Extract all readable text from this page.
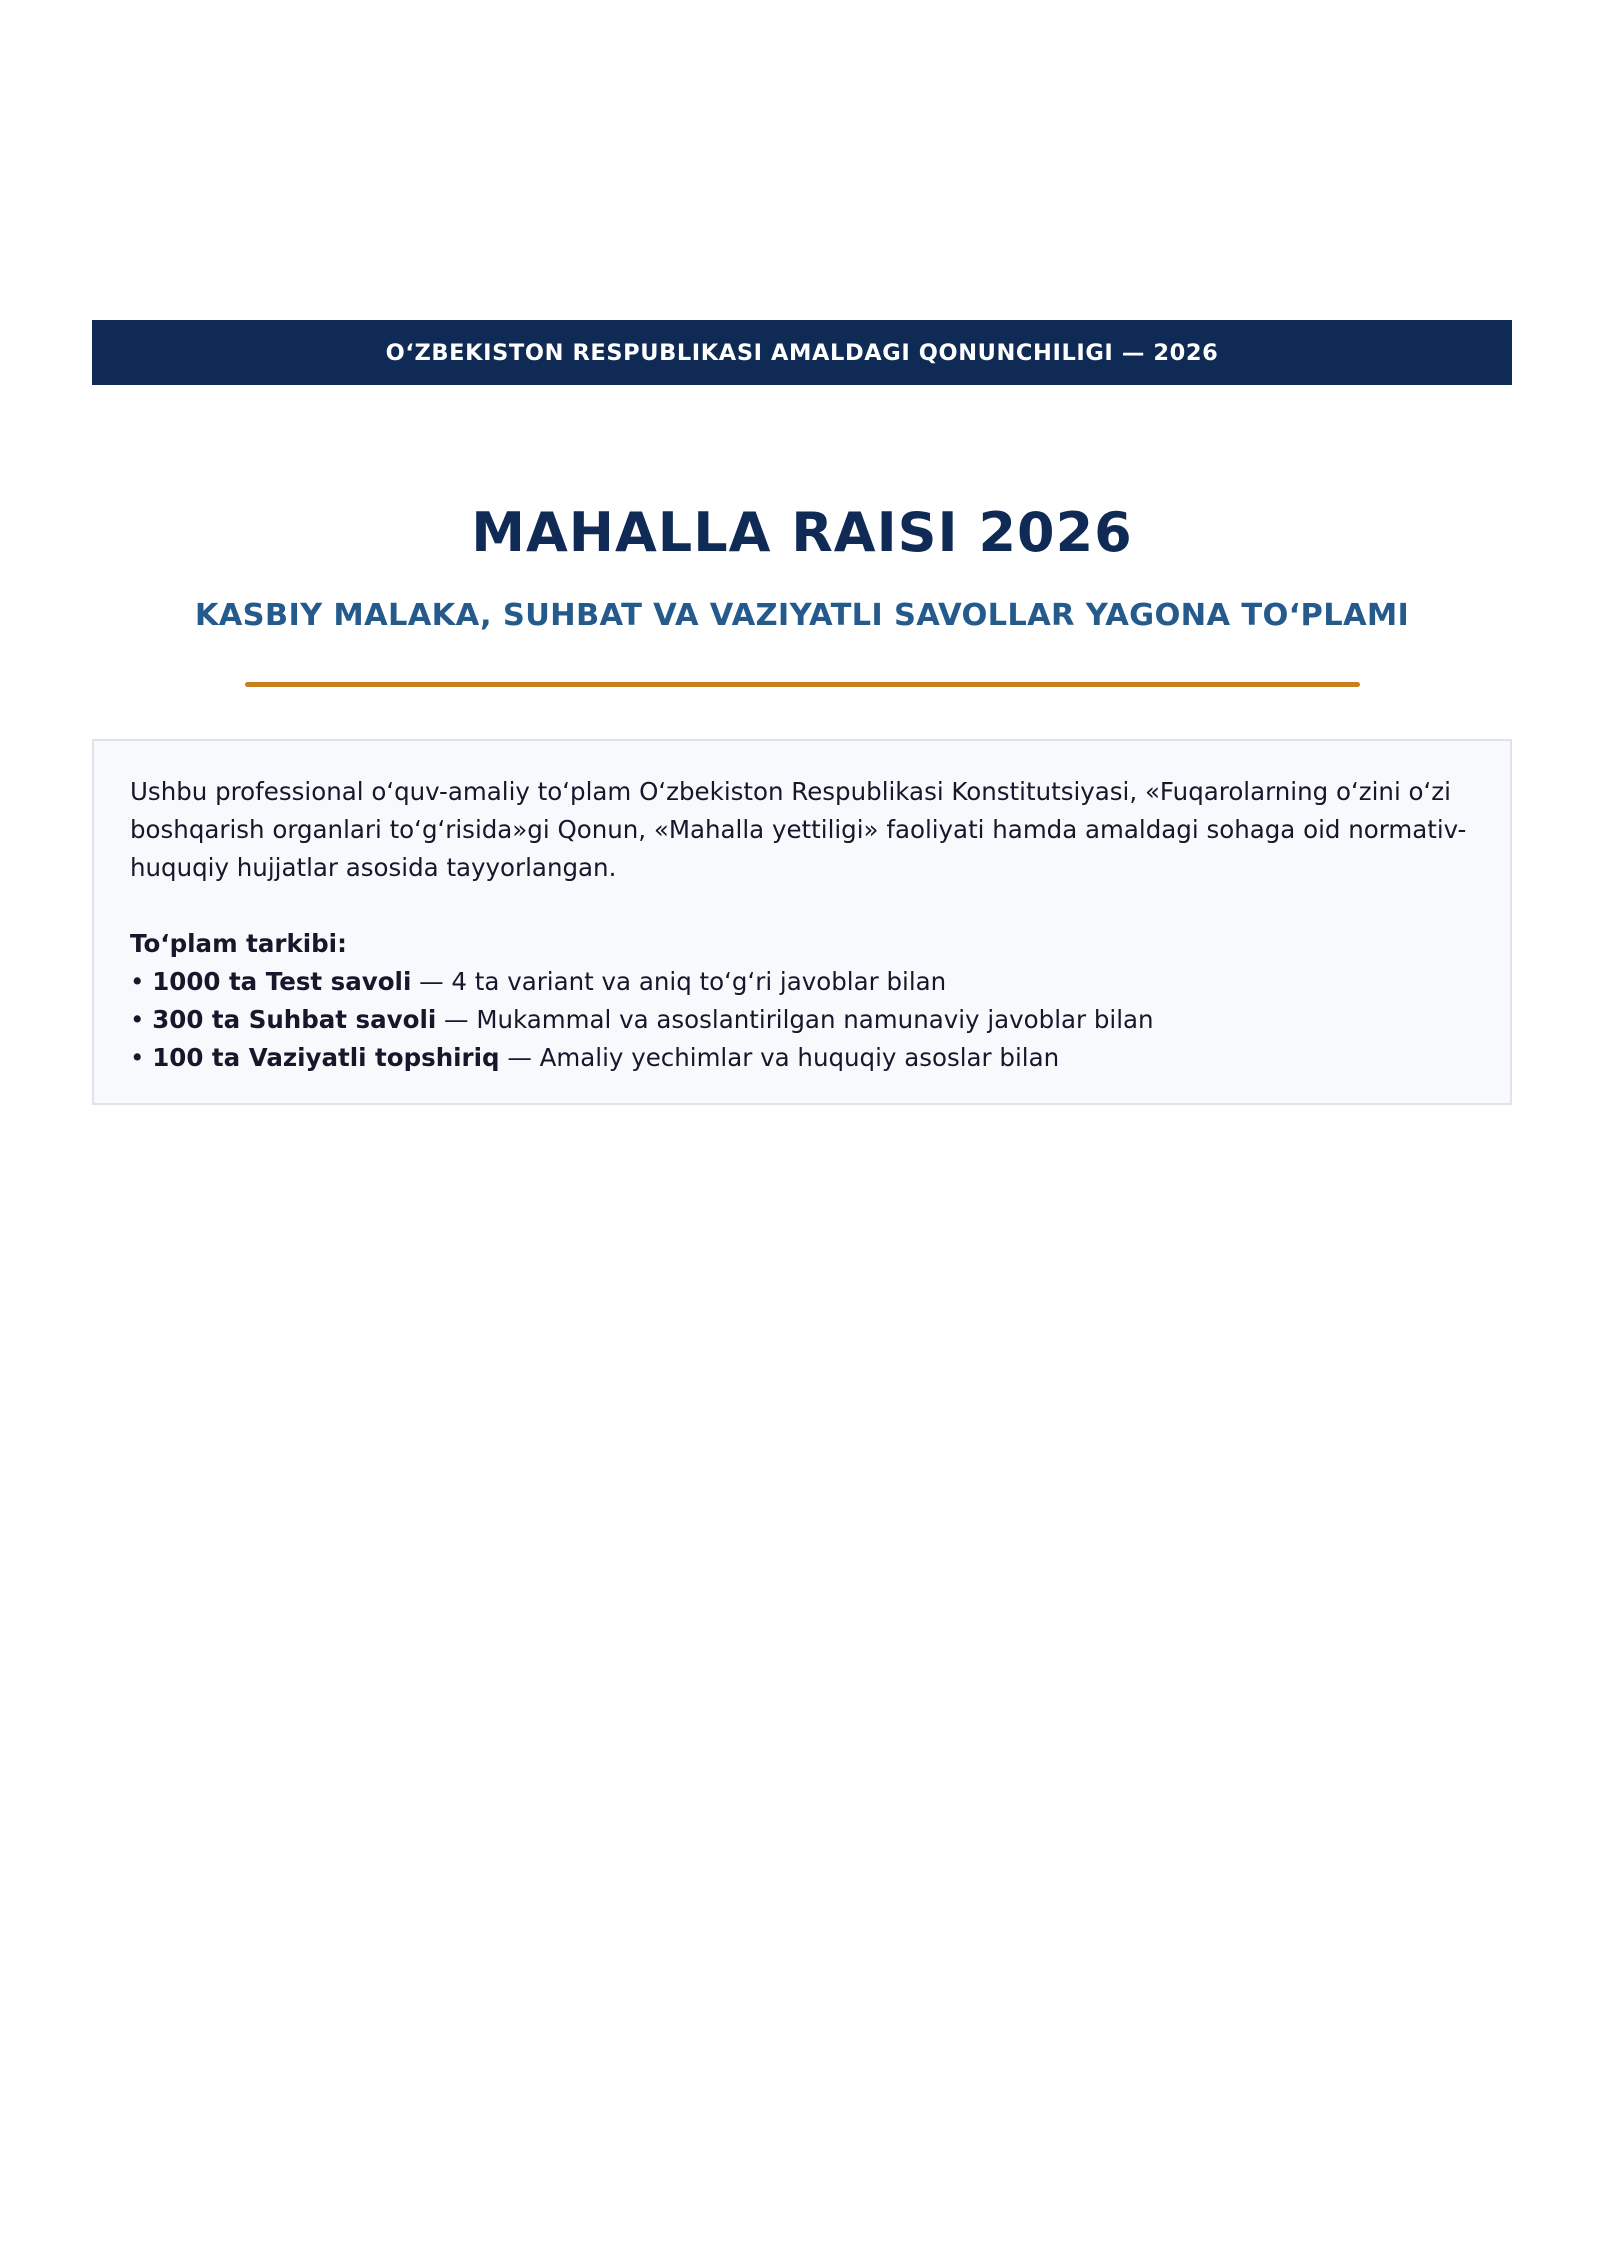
O‘ZBEKISTON RESPUBLIKASI AMALDAGI QONUNCHILIGI — 2026
MAHALLA RAISI 2026
KASBIY MALAKA, SUHBAT VA VAZIYATLI SAVOLLAR YAGONA TO‘PLAMI

Ushbu professional o‘quv-amaliy to‘plam O‘zbekiston Respublikasi Konstitutsiyasi, «Fuqarolarning o‘zini o‘zi boshqarish organlari to‘g‘risida»gi Qonun, «Mahalla yettiligi» faoliyati hamda amaldagi sohaga oid normativ-huquqiy hujjatlar asosida tayyorlangan.

To‘plam tarkibi:
• 1000 ta Test savoli — 4 ta variant va aniq to‘g‘ri javoblar bilan
• 300 ta Suhbat savoli — Mukammal va asoslantirilgan namunaviy javoblar bilan
• 100 ta Vaziyatli topshiriq — Amaliy yechimlar va huquqiy asoslar bilan
